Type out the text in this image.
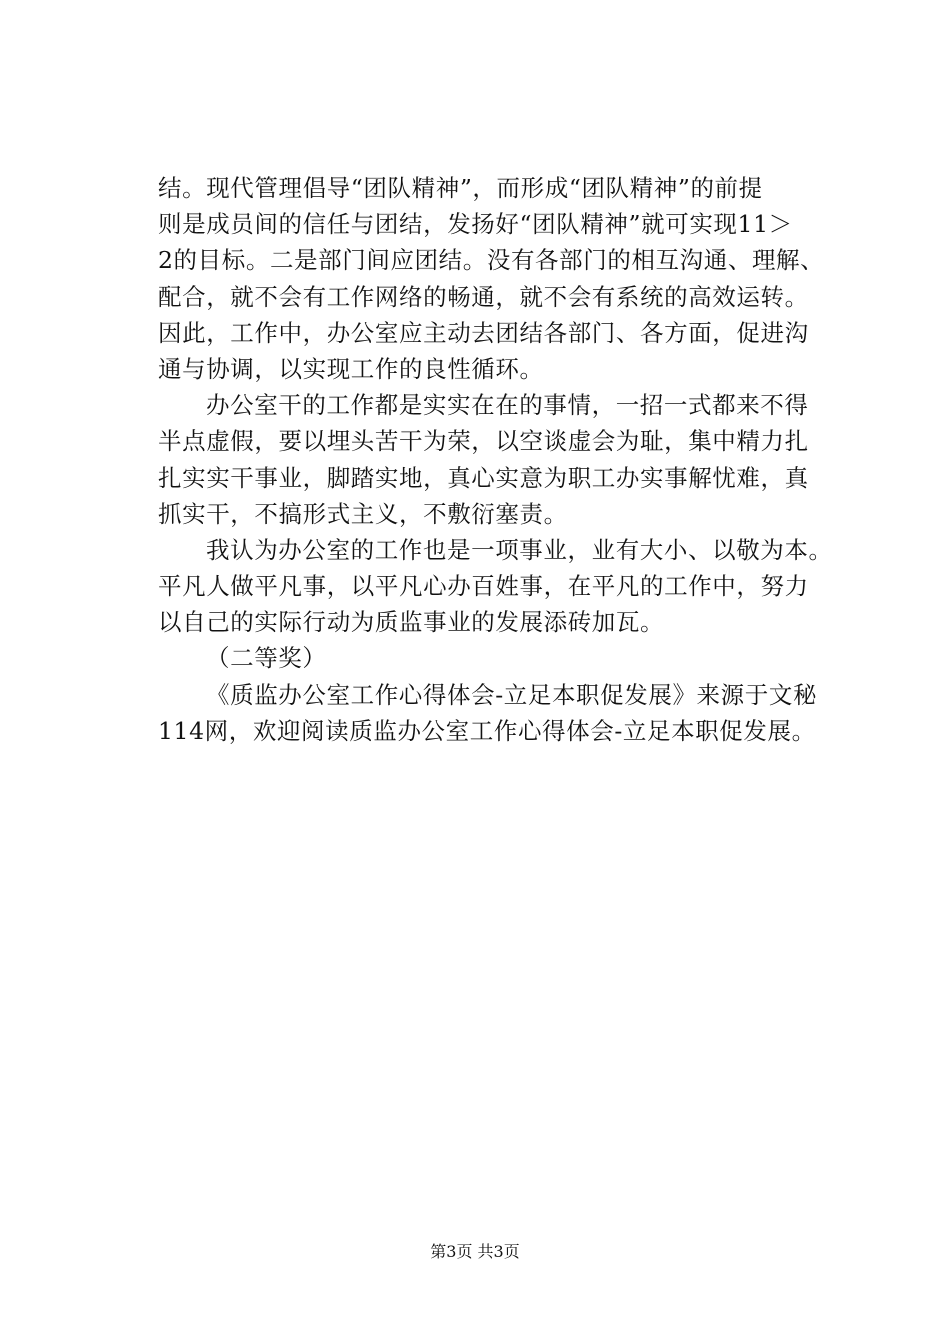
结。现代管理倡导“团队精神”，而形成“团队精神”的前提
则是成员间的信任与团结，发扬好“团队精神”就可实现11＞
2的目标。二是部门间应团结。没有各部门的相互沟通、理解、
配合，就不会有工作网络的畅通，就不会有系统的高效运转。
因此，工作中，办公室应主动去团结各部门、各方面，促进沟
通与协调，以实现工作的良性循环。
办公室干的工作都是实实在在的事情，一招一式都来不得
半点虚假，要以埋头苦干为荣，以空谈虚会为耻，集中精力扎
扎实实干事业，脚踏实地，真心实意为职工办实事解忧难，真
抓实干，不搞形式主义，不敷衍塞责。
我认为办公室的工作也是一项事业，业有大小、以敬为本。
平凡人做平凡事，以平凡心办百姓事，在平凡的工作中，努力
以自己的实际行动为质监事业的发展添砖加瓦。
（二等奖）
《质监办公室工作心得体会-立足本职促发展》来源于文秘
114网，欢迎阅读质监办公室工作心得体会-立足本职促发展。
第3页 共3页
